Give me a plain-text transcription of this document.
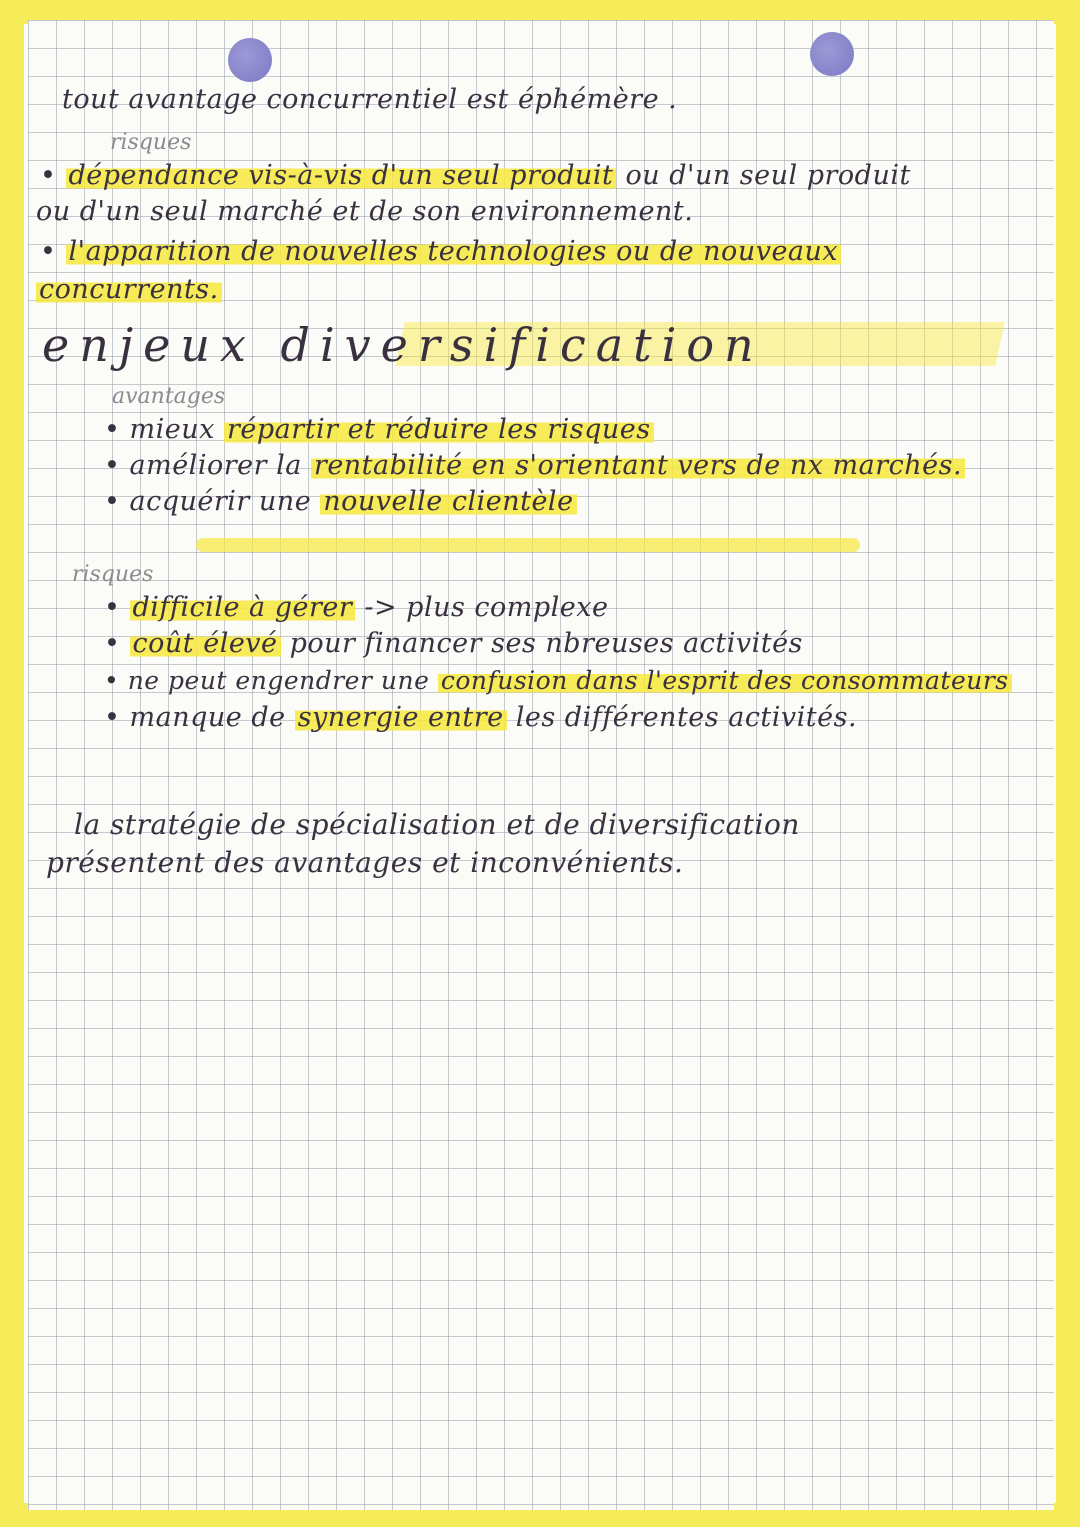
tout avantage concurrentiel est éphémère .
risques
• dépendance vis-à-vis d'un seul produit ou d'un seul produit
ou d'un seul marché et de son environnement.
• l'apparition de nouvelles technologies ou de nouveaux
concurrents.
enjeux diversification
avantages
• mieux répartir et réduire les risques
• améliorer la rentabilité en s'orientant vers de nx marchés.
• acquérir une nouvelle clientèle
risques
• difficile à gérer -> plus complexe
• coût élevé pour financer ses nbreuses activités
• ne peut engendrer une confusion dans l'esprit des consommateurs
• manque de synergie entre les différentes activités.
la stratégie de spécialisation et de diversification
présentent des avantages et inconvénients.
